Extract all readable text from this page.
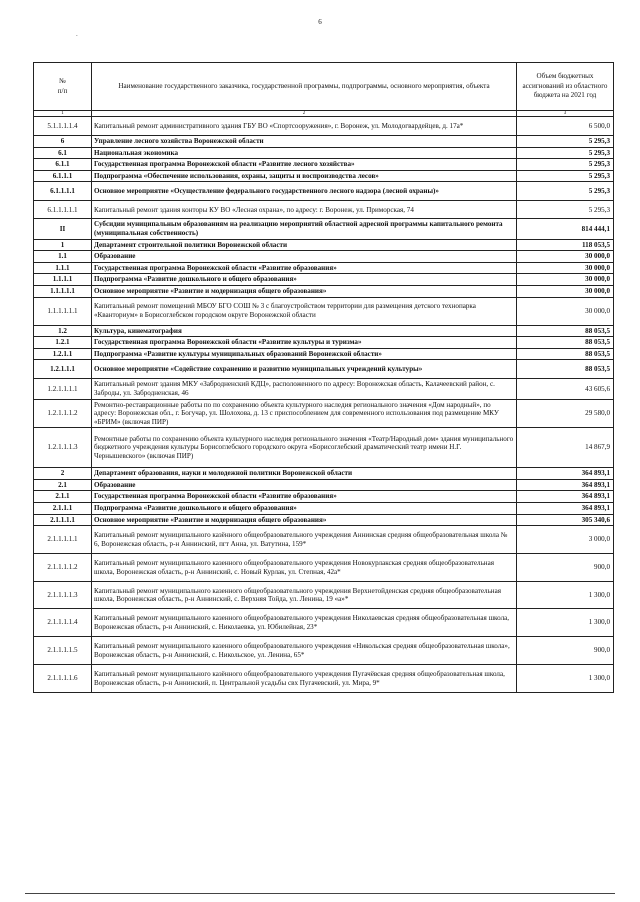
6
.
№
п/п	Наименование государственного заказчика, государственной программы, подпрограммы, основного мероприятия, объекта	Объем бюджетных ассигнований из областного бюджета на 2021 год
1	2	3
5.1.1.1.1.4	Капитальный ремонт административного здания ГБУ ВО «Спортсооружения», г. Воронеж, ул. Молодогвардейцев, д. 17а*	6 500,0
6	Управление лесного хозяйства Воронежской области	5 295,3
6.1	Национальная экономика	5 295,3
6.1.1	Государственная программа Воронежской области «Развитие лесного хозяйства»	5 295,3
6.1.1.1	Подпрограмма «Обеспечение использования, охраны, защиты и воспроизводства лесов»	5 295,3
6.1.1.1.1	Основное мероприятие «Осуществление федерального государственного лесного надзора (лесной охраны)»	5 295,3
6.1.1.1.1.1	Капитальный ремонт здания конторы КУ ВО «Лесная охрана», по адресу: г. Воронеж, ул. Приморская, 74	5 295,3
II	Субсидии муниципальным образованиям на реализацию мероприятий областной адресной программы капитального ремонта (муниципальная собственность)	814 444,1
1	Департамент строительной политики Воронежской области	118 053,5
1.1	Образование	30 000,0
1.1.1	Государственная программа Воронежской области «Развитие образования»	30 000,0
1.1.1.1	Подпрограмма «Развитие дошкольного и общего образования»	30 000,0
1.1.1.1.1	Основное мероприятие «Развитие и модернизация общего образования»	30 000,0
1.1.1.1.1.1	Капитальный ремонт помещений МБОУ БГО СОШ № 3 с благоустройством территории для размещения детского технопарка «Кванториум» в Борисоглебском городском округе Воронежской области	30 000,0
1.2	Культура, кинематография	88 053,5
1.2.1	Государственная программа Воронежской области «Развитие культуры и туризма»	88 053,5
1.2.1.1	Подпрограмма «Развитие культуры муниципальных образований Воронежской области»	88 053,5
1.2.1.1.1	Основное мероприятие «Содействие сохранению и развитию муниципальных учреждений культуры»	88 053,5
1.2.1.1.1.1	Капитальный ремонт здания МКУ «Забродненский КДЦ», расположенного по адресу: Воронежская область, Калачеевский район, с. Заброды, ул. Забродненская, 46	43 605,6
1.2.1.1.1.2	Ремонтно-реставрационные работы по по сохранению объекта культурного наследия регионального значения «Дом народный», по адресу: Воронежская обл., г. Богучар, ул. Шолохова, д. 13 с приспособлением для современного использования под размещение МКУ «БРИМ» (включая ПИР)	29 580,0
1.2.1.1.1.3	Ремонтные работы по сохранению объекта культурного наследия регионального значения «Театр/Народный дом» здания муниципального бюджетного учреждения культуры Борисоглебского городского округа «Борисоглебский драматический театр имени Н.Г. Чернышевского» (включая ПИР)	14 867,9
2	Департамент образования, науки и молодежной политики Воронежской области	364 893,1
2.1	Образование	364 893,1
2.1.1	Государственная программа Воронежской области «Развитие образования»	364 893,1
2.1.1.1	Подпрограмма «Развитие дошкольного и общего образования»	364 893,1
2.1.1.1.1	Основное мероприятие «Развитие и модернизация общего образования»	305 340,6
2.1.1.1.1.1	Капитальный ремонт муниципального казённого общеобразовательного учреждения Аннинская средняя общеобразовательная школа № 6, Воронежская область, р-н Аннинский, пгт Анна, ул. Ватутина, 159*	3 000,0
2.1.1.1.1.2	Капитальный ремонт муниципального казенного общеобразовательного учреждения Новокурлакская средняя общеобразовательная школа, Воронежская область, р-н Аннинский, с. Новый Курлак, ул. Степная, 42а*	900,0
2.1.1.1.1.3	Капитальный ремонт муниципального казенного общеобразовательного учреждения Верхнетойденская средняя общеобразовательная школа, Воронежская область, р-н Аннинский, с. Верхняя Тойда, ул. Ленина, 19 «а»*	1 300,0
2.1.1.1.1.4	Капитальный ремонт муниципального казенного общеобразовательного учреждения Николаевская средняя общеобразовательная школа, Воронежская область, р-н Аннинский, с. Николаевка, ул. Юбилейная, 23*	1 300,0
2.1.1.1.1.5	Капитальный ремонт муниципального казенного общеобразовательного учреждения «Никольская средняя общеобразовательная школа», Воронежская область, р-н Аннинский, с. Никольское, ул. Ленина, 65*	900,0
2.1.1.1.1.6	Капитальный ремонт муниципального казённого общеобразовательного учреждения Пугачёвская средняя общеобразовательная школа, Воронежская область, р-н Аннинский, п. Центральной усадьбы свх Пугачевский, ул. Мира, 9*	1 300,0
